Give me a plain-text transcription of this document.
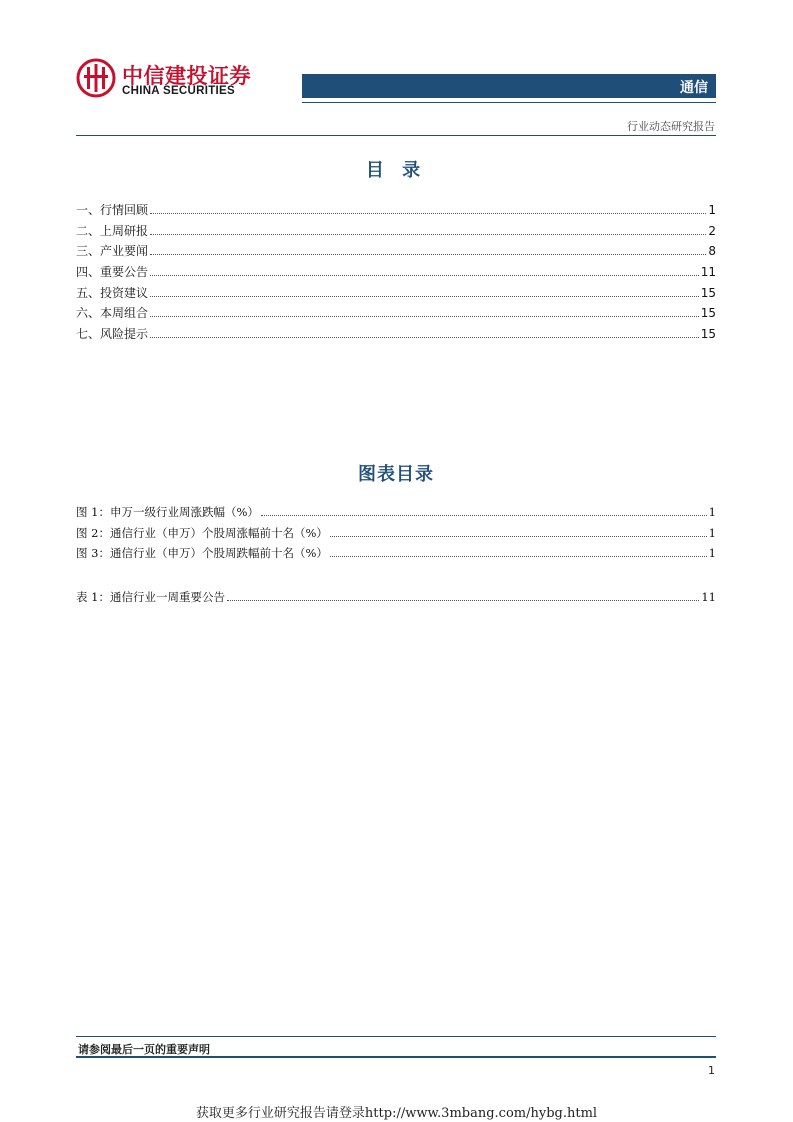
中信建投证券
CHINA SECURITIES	通信
行业动态研究报告
目 录
一、行情回顾	1
二、上周研报	2
三、产业要闻	8
四、重要公告	11
五、投资建议	15
六、本周组合	15
七、风险提示	15
图表目录
图 1：申万一级行业周涨跌幅（%）	1
图 2：通信行业（申万）个股周涨幅前十名（%）	1
图 3：通信行业（申万）个股周跌幅前十名（%）	1
表 1：通信行业一周重要公告	11
请参阅最后一页的重要声明
1
获取更多行业研究报告请登录http://www.3mbang.com/hybg.html
